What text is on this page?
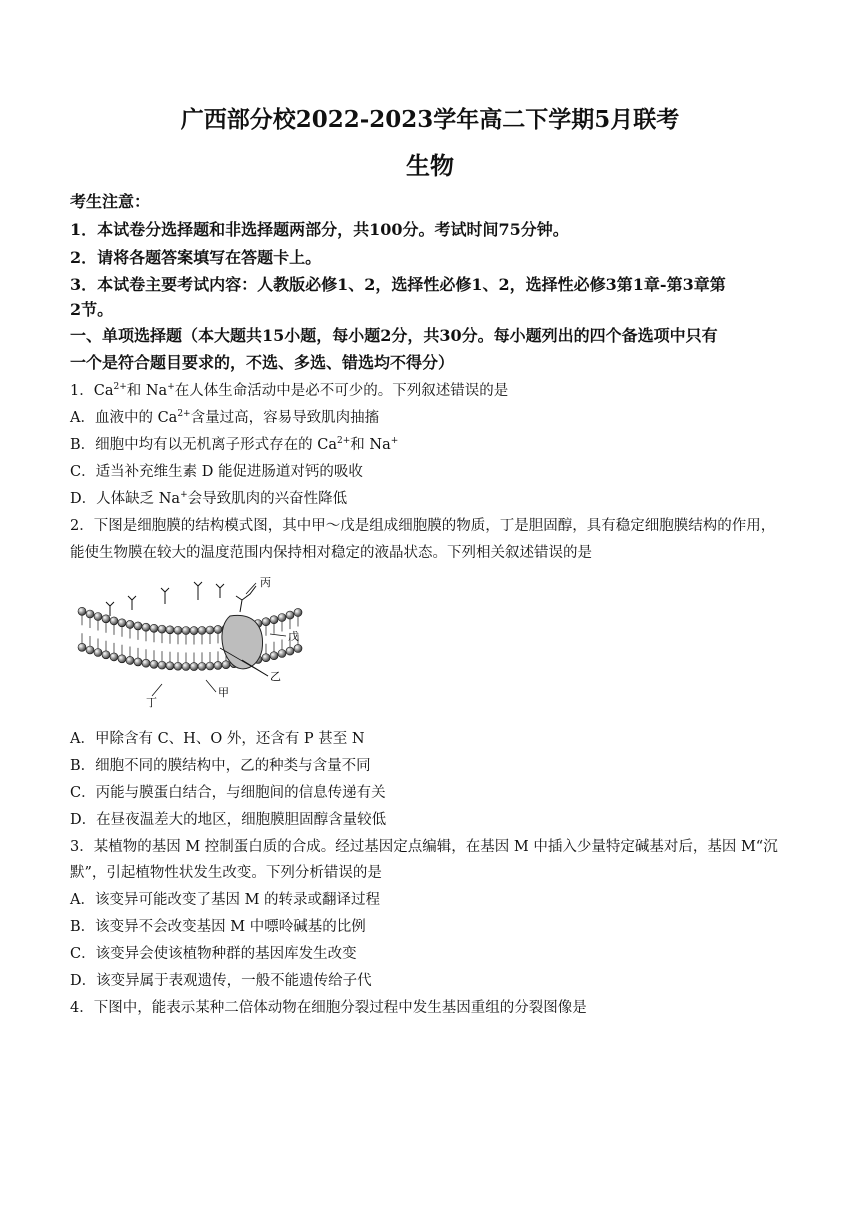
广西部分校2022-2023学年高二下学期5月联考
生物
考生注意：
1．本试卷分选择题和非选择题两部分，共100分。考试时间75分钟。
2．请将各题答案填写在答题卡上。
3．本试卷主要考试内容：人教版必修1、2，选择性必修1、2，选择性必修3第1章-第3章第
2节。
一、单项选择题（本大题共15小题，每小题2分，共30分。每小题列出的四个备选项中只有
一个是符合题目要求的，不选、多选、错选均不得分）
1．$Ca^{2+}$和 Na+在人体生命活动中是必不可少的。下列叙述错误的是
A．血液中的 $Ca^{2+}$含量过高，容易导致肌肉抽搐
B．细胞中均有以无机离子形式存在的 $Ca^{2+}$和 Na+
C．适当补充维生素 D 能促进肠道对钙的吸收
D．人体缺乏 Na+会导致肌肉的兴奋性降低
2．下图是细胞膜的结构模式图，其中甲～戊是组成细胞膜的物质，丁是胆固醇，具有稳定细胞膜结构的作用，
能使生物膜在较大的温度范围内保持相对稳定的液晶状态。下列相关叙述错误的是
丙
戊
乙
甲
丁
A．甲除含有 C、H、O 外，还含有 P 甚至 N
B．细胞不同的膜结构中，乙的种类与含量不同
C．丙能与膜蛋白结合，与细胞间的信息传递有关
D．在昼夜温差大的地区，细胞膜胆固醇含量较低
3．某植物的基因 M 控制蛋白质的合成。经过基因定点编辑，在基因 M 中插入少量特定碱基对后，基因 M“沉
默”，引起植物性状发生改变。下列分析错误的是
A．该变异可能改变了基因 M 的转录或翻译过程
B．该变异不会改变基因 M 中嘌呤碱基的比例
C．该变异会使该植物种群的基因库发生改变
D．该变异属于表观遗传，一般不能遗传给子代
4．下图中，能表示某种二倍体动物在细胞分裂过程中发生基因重组的分裂图像是
